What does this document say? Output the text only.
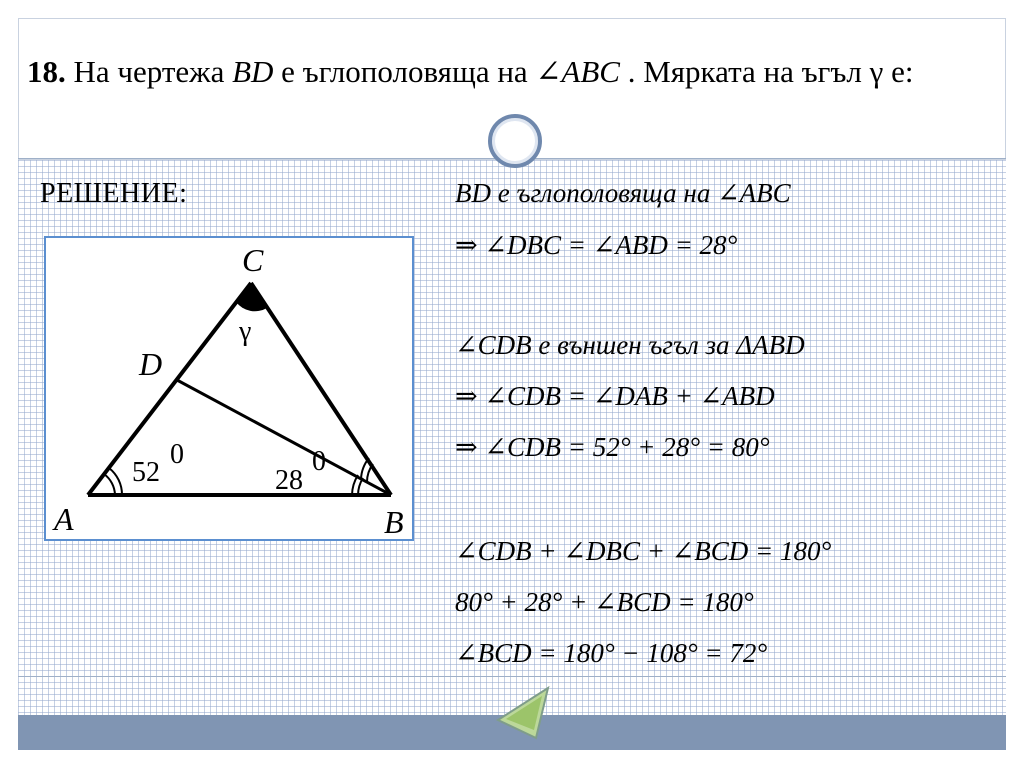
18. На чертежа BD е ъглополовяща на ∠ABC . Мярката на ъгъл γ е:
РЕШЕНИЕ:
C
D
A	B
γ
52
0
28
0
BD е ъглополовяща на ∠ABC
⇒ ∠DBC = ∠ABD = 28°
∠CDB е външен ъгъл за ΔABD
⇒ ∠CDB = ∠DAB + ∠ABD
⇒ ∠CDB = 52° + 28° = 80°
∠CDB + ∠DBC + ∠BCD = 180°
80° + 28° + ∠BCD = 180°
∠BCD = 180° − 108° = 72°
